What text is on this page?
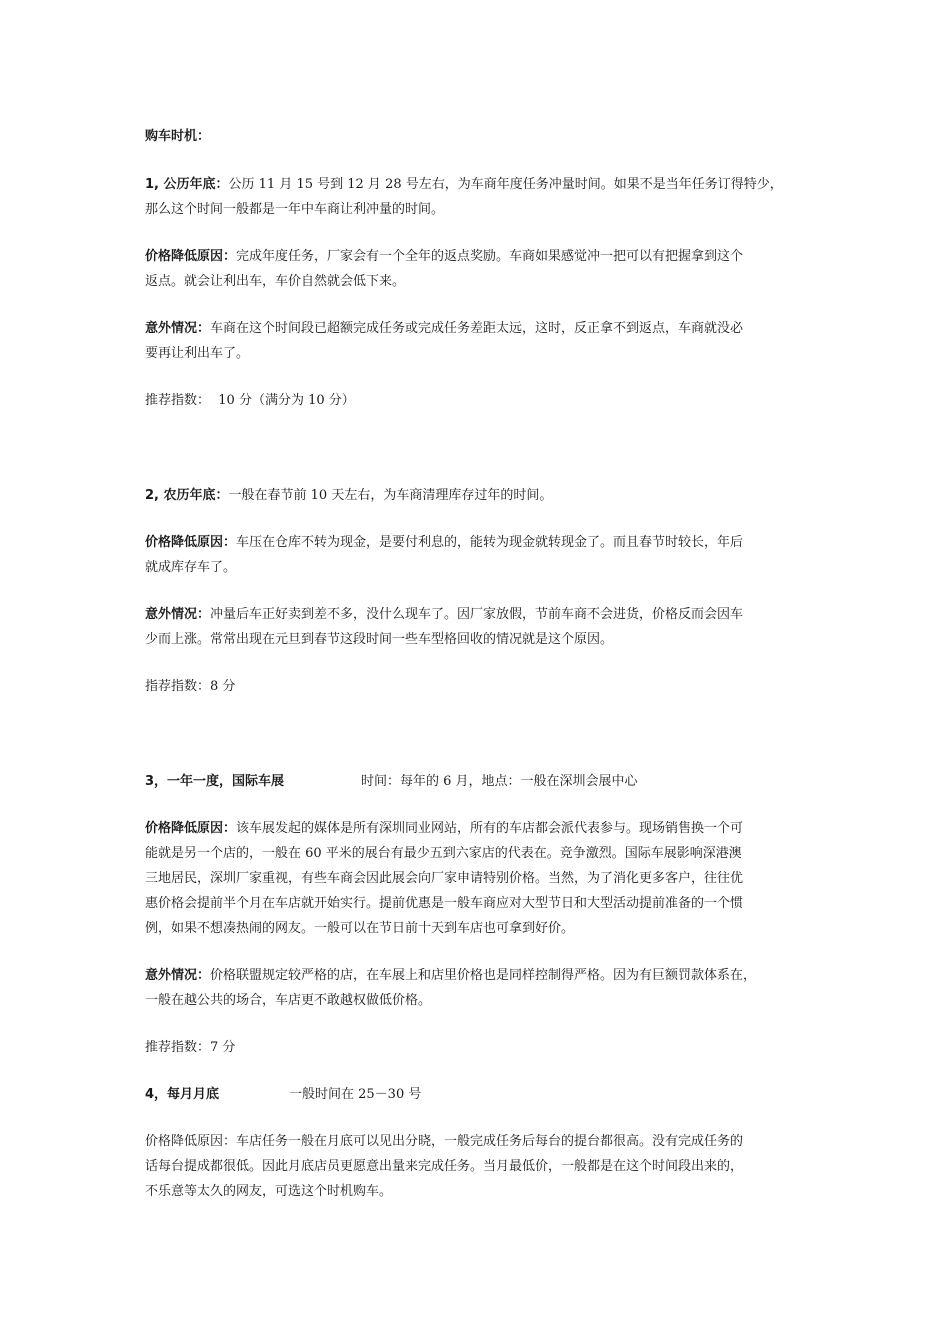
购车时机：
1, 公历年底：公历 11 月 15 号到 12 月 28 号左右，为车商年度任务冲量时间。如果不是当年任务订得特少，
那么这个时间一般都是一年中车商让利冲量的时间。
价格降低原因：完成年度任务，厂家会有一个全年的返点奖励。车商如果感觉冲一把可以有把握拿到这个
返点。就会让利出车，车价自然就会低下来。
意外情况：车商在这个时间段已超额完成任务或完成任务差距太远，这时，反正拿不到返点，车商就没必
要再让利出车了。
推荐指数：  10 分（满分为 10 分）
2, 农历年底：一般在春节前 10 天左右，为车商清理库存过年的时间。
价格降低原因：车压在仓库不转为现金，是要付利息的，能转为现金就转现金了。而且春节时较长，年后
就成库存车了。
意外情况：冲量后车正好卖到差不多，没什么现车了。因厂家放假，节前车商不会进货，价格反而会因车
少而上涨。常常出现在元旦到春节这段时间一些车型格回收的情况就是这个原因。
指荐指数：8 分
3，一年一度，国际车展	时间：每年的 6 月，地点：一般在深圳会展中心
价格降低原因：该车展发起的媒体是所有深圳同业网站，所有的车店都会派代表参与。现场销售换一个可
能就是另一个店的，一般在 60 平米的展台有最少五到六家店的代表在。竞争激烈。国际车展影响深港澳
三地居民，深圳厂家重视，有些车商会因此展会向厂家申请特别价格。当然，为了消化更多客户，往往优
惠价格会提前半个月在车店就开始实行。提前优惠是一般车商应对大型节日和大型活动提前准备的一个惯
例，如果不想凑热闹的网友。一般可以在节日前十天到车店也可拿到好价。
意外情况：价格联盟规定较严格的店，在车展上和店里价格也是同样控制得严格。因为有巨额罚款体系在，
一般在越公共的场合，车店更不敢越权做低价格。
推荐指数：7 分
4，每月月底	一般时间在 25－30 号
价格降低原因：车店任务一般在月底可以见出分晓，一般完成任务后每台的提台都很高。没有完成任务的
话每台提成都很低。因此月底店员更愿意出量来完成任务。当月最低价，一般都是在这个时间段出来的，
不乐意等太久的网友，可选这个时机购车。
